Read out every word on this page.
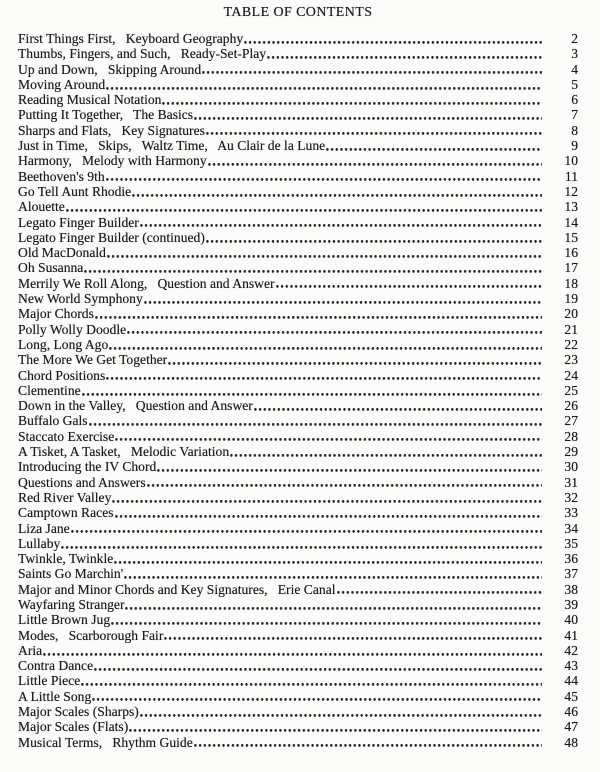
TABLE OF CONTENTS
First Things First,   Keyboard Geography	2
Thumbs, Fingers, and Such,   Ready-Set-Play	3
Up and Down,   Skipping Around	4
Moving Around	5
Reading Musical Notation	6
Putting It Together,   The Basics	7
Sharps and Flats,   Key Signatures	8
Just in Time,   Skips,   Waltz Time,   Au Clair de la Lune	9
Harmony,   Melody with Harmony	10
Beethoven's 9th	11
Go Tell Aunt Rhodie	12
Alouette	13
Legato Finger Builder	14
Legato Finger Builder (continued)	15
Old MacDonald	16
Oh Susanna	17
Merrily We Roll Along,   Question and Answer	18
New World Symphony	19
Major Chords	20
Polly Wolly Doodle	21
Long, Long Ago	22
The More We Get Together	23
Chord Positions	24
Clementine	25
Down in the Valley,   Question and Answer	26
Buffalo Gals	27
Staccato Exercise	28
A Tisket, A Tasket,   Melodic Variation	29
Introducing the IV Chord	30
Questions and Answers	31
Red River Valley	32
Camptown Races	33
Liza Jane	34
Lullaby	35
Twinkle, Twinkle	36
Saints Go Marchin'	37
Major and Minor Chords and Key Signatures,   Erie Canal	38
Wayfaring Stranger	39
Little Brown Jug	40
Modes,   Scarborough Fair	41
Aria	42
Contra Dance	43
Little Piece	44
A Little Song	45
Major Scales (Sharps)	46
Major Scales (Flats)	47
Musical Terms,   Rhythm Guide	48
